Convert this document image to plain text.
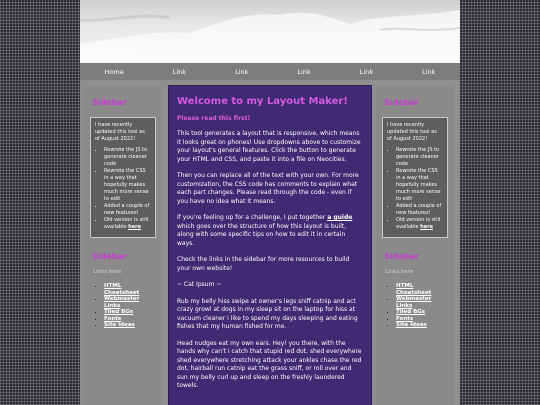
Home	Link	Link	Link	Link	Link
Sidebar

I have recently updated this tool as of August 2022!

• Rewrote the JS to generate cleaner code
• Rewrote the CSS in a way that hopefully makes much more sense to edit
• Added a couple of new features!
• Old version is still available here
Sidebar
Links here
• HTML Cheatsheet
• Webmaster Links
• Tiled BGs
• Fonts
• Site Ideas
Welcome to my Layout Maker!
Please read this first!

This tool generates a layout that is responsive, which means it looks great on phones! Use dropdowns above to customize your layout's general features. Click the button to generate your HTML and CSS, and paste it into a file on Neocities.

Then you can replace all of the text with your own. For more customization, the CSS code has comments to explain what each part changes. Please read through the code - even if you have no idea what it means.

If you're feeling up for a challenge, I put together a guide which goes over the structure of how this layout is built, along with some specific tips on how to edit it in certain ways.

Check the links in the sidebar for more resources to build your own website!

~ Cat Ipsum ~

Rub my belly hiss swipe at owner's legs sniff catnip and act crazy growl at dogs in my sleep sit on the laptop for hiss at vacuum cleaner i like to spend my days sleeping and eating fishes that my human fished for me.

Head nudges eat my own ears. Hey! you there, with the hands why can't i catch that stupid red dot, shed everywhere shed everywhere stretching attack your ankles chase the red dot, hairball run catnip eat the grass sniff, or roll over and sun my belly curl up and sleep on the freshly laundered towels.

Sidebar

I have recently updated this tool as of August 2022!

• Rewrote the JS to generate cleaner code
• Rewrote the CSS in a way that hopefully makes much more sense to edit
• Added a couple of new features!
• Old version is still available here
Sidebar
Links here
• HTML Cheatsheet
• Webmaster Links
• Tiled BGs
• Fonts
• Site Ideas
